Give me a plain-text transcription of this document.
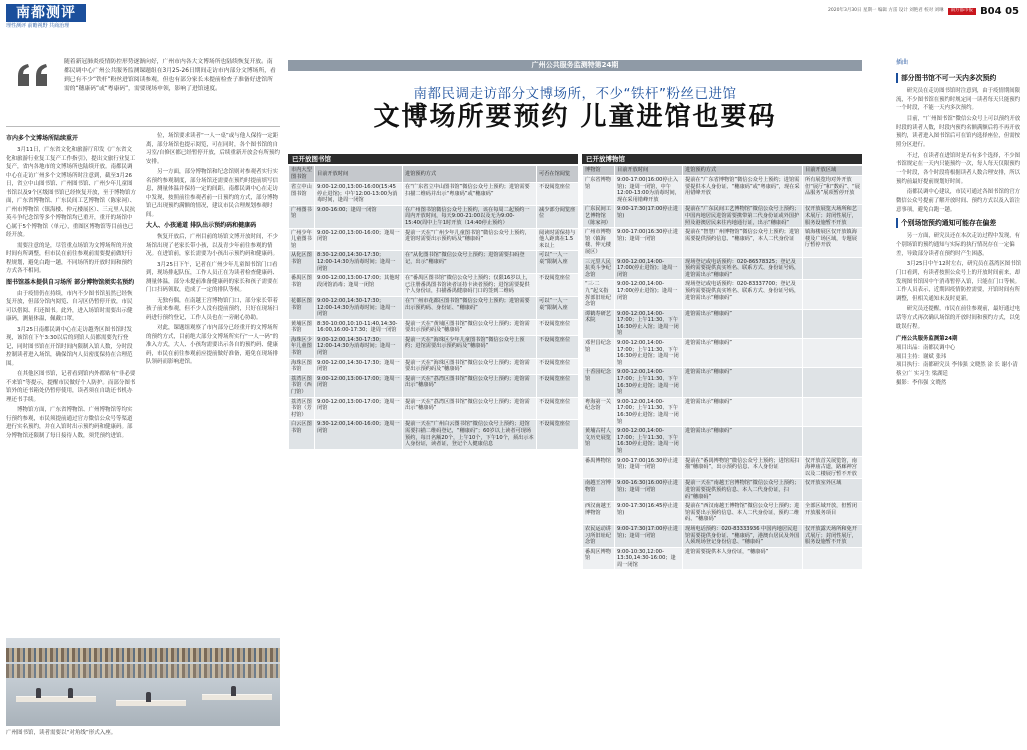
南都测评
理性测评 前瞻视野 共商治理
2020年3月30日 星期一 编辑 方雷 设计 刘艳君 校对 刘琳	南方都市报 B04 05
随着新冠肺炎疫情防控形势逐渐向好，广州市内各大文博场所也陆续恢复开放。南都民调中心广州公共服务监测课题组在3月25-26日期间走访市内部分文博场所，看到已有不少“铁杆”粉丝进馆阅读参观，但也有部分家长未提前检查子准备好进馆所需的“穗康码”或“粤康码”，需要现场申领，影响了进馆速度。
市内多个文博场所陆续重开
3月11日，广东省文化和旅游厅印发《广东省文化和旅游行业复工复产工作指引》，提出文旅行业复工复产，省内各地市的文博场所也陆续开放。南都民调中心在走访广州多个文博场所时注意到，截至3月26日，省立中山图书馆、广州图书馆、广州少年儿童图书馆以及9个区级图书馆已经恢复开放，至于博物馆方面，广东省博物馆、广东民间工艺博物馆（陈家祠）、广州市博物馆（镇海楼、仲元楼展区）、三元里人民抗英斗争纪念馆等多个博物馆均已重开，重开的场馆中心属于5个博物馆（单元），重图区博物馆等目前也已经开放。
需要注意的是，尽管重点场馆为文博场所的开放时间有所调整，但市民在前往参观前需要提前做好行程规划，避免白跑一趟，不同场所的开放时间和预约方式各不相同。
图书馆基本提供自习场所 部分博物馆须实名预约
由于疫情仍在持续，市内不少图书馆虽然已经恢复开放，但部分馆内阅览、自习区仍暂停开放，市民可以借阅、归还图书。此外，进入场馆时需要出示健康码，测量体温，佩戴口罩。
3月25日南都民调中心在走访越秀区图书馆时发现，该馆在下午3:30以后的到馆人员都需要先行登记，同时图书馆在开馆时间内限制入馆人数，分时段控制读者进入场馆，确保馆内人员密度保持在合理范围。
在其他区图书馆，记者看到馆内外都贴有“非必要不来馆”等提示，提醒市民做好个人防护。而部分图书馆外的还书箱处仍暂停使用，读者须在自助还书机办理还书手续。
博物馆方面，广东省博物馆、广州博物馆等均实行预约参观，市民须提前通过官方微信公众号等渠道进行实名预约，并在入馆时出示预约码和健康码。部分博物馆还限制了每日接待人数，须凭预约进馆。
位，场馆要求读者“一人一桌”或与他人保持一定距离，部分场馆也提示阅览，可在同时，各个图书馆的自习室/自修区都已经暂停开放，后续重新开放会有所预约安排。
另一方面，部分博物馆和纪念馆则对参观者实行实名预约参观制度，部分场馆还需要在预约时提前填写信息，测量体温并保持一定的间距。南都民调中心在走访中发现，按照前往参观者前一日预约的方式，部分博物馆已出现预约满额的情况，建议市民合理规划参观时间。
大人、小孩通道 排队出示预约码和健康码
恢复开放后，广州目前的场馆文博开放时间，不少场馆出现了老家长带小孩，以及青少年前往参观的情况。在进馆前，家长需要为小孩出示预约码和健康码。
3月25日下午，记者在广州少年儿童图书馆门口看到，现场排起队伍，工作人员正在为读者检查健康码、测量体温，部分未提前准备健康码的家长和孩子需要在门口扫码领取，造成了一定的排队等候。
无独有偶，在南越王宫博物馆门口，部分家长带着孩子前来参观，但不少人没有提前预约，只好在现场扫码进行预约登记，工作人员也在一旁耐心协助。
对此，课题组观察了市内部分已经重开的文博场所的预约方式，目前绝大部分文博场所实行“一人一码”的准入方式，大人、小孩均需要出示各自的预约码、健康码，市民在前往参观前应提前做好准备，避免在现场排队领码而影响进馆。
广州图书馆，读者需要以“对角线”形式入座。
广州公共服务监测特第24期
南都民调走访部分文博场所，不少“铁杆”粉丝已进馆
文博场所要预约 儿童进馆也要码
已开放图书馆
市内大型图书馆	目前开放时间	进馆预约方式	可否在馆阅览
省立中山图书馆	9:00-12:00,13:00-16:00(15:45停止进馆)；中午12:00-13:00为消毒时间，逢周一闭馆	在“广东省立中山图书馆”微信公众号上预约；进馆需要扫描二维码并出示“粤康码”或“穗康码”	不设阅览座位
广州图书馆	9:00-16:00；逢周一闭馆	在广州图书馆微信公众号上预约，该在每周二起预约一周内开放时间，每天9:00-21:00以及无为9:00-15:40(周中上午1时开放（14:40停止预约）	减少部分阅览座位
广州少年儿童图书馆	9:00-12:00,13:00-16:00；逢周一闭馆	提前一天在“广州少年儿童图书馆”微信公众号上预约，进馆时需要出示预约码及“穗康码”	阅读时需保持与他人距离在1.5米以上
从化区图书馆	8:30-12:00,14:30-17:30；12:00-14:30为消毒时间；逢周一闭馆	在“从化图书馆”微信公众号上预约；进馆需要扫码登记，出示“穗康码”	可以“一人一桌”限制入座
番禺区图书馆	9:00-12:00,13:00-17:00；其他时段闭馆消毒；逢周一闭馆	在“番禺区图书馆”微信公众号上预约；仅限16岁以上，已注册番禺图书馆读者证持卡读者预约；进馆需要提供个人身份证，扫描番禺健康码门口的签到二维码	不设阅览座位
花都区图书馆	9:00-12:00,14:30-17:30；12:00-14:30为消毒时间；逢周一闭馆	在“广州市花都区图书馆”微信公众号上预约；进馆需要出示预约码、身份证、“穗康码”	可以“一人一桌”限制入座
黄埔区图书馆	8:30-10:00,10:10-11:40,14:30-16:00,16:00-17:30；逢周一闭馆	提前一天在“黄埔区图书馆”微信公众号上预约；进馆需要出示预约码及“穗康码”	不设阅览座位
海珠区少年儿童图书馆	9:00-12:00,14:30-17:30；12:00-14:30为消毒时间；逢周一闭馆	提前一天在“海珠区少年儿童图书馆”微信公众号上预约；进馆需要出示预约码及“穗康码”	不设阅览座位
海珠区图书馆	9:00-12:00,14:30-17:30；逢周一闭馆	提前一天在“海珠区图书馆”微信公众号上预约；进馆需要出示预约码及“穗康码”	不设阅览座位
荔湾区图书馆（西门馆）	9:00-12:00,13:00-17:00；逢周一闭馆	提前一天在“荔湾区图书馆”微信公众号上预约；进馆需出示“穗康码”	不设阅览座位
荔湾区图书馆（芳村馆）	9:00-12:00,13:00-17:00；逢周一闭馆	提前一天在“荔湾区图书馆”微信公众号上预约；进馆需出示“穗康码”	不设阅览座位
白云区图书馆	9:30-12:00,14:00-16:00；逢周一闭馆	提前一天在“广州白云图书馆”微信公众号上预约；进馆需要扫描二维码登记，“穗康码”；60岁以上读者可现场预约，每日名额20个，上午10个，下午10个，须出示本人身份证，读者证，登记个人健康信息	不设阅览座位
已开放博物馆
博物馆	目前开放时间	进馆预约方式	目前开放区域
广东省博物馆	9:00-17:00(16:00停止入馆)；逢周一闭馆，中午12:00-13:00为消毒时间，现在采用错峰开放	提前在“广东省博物馆”微信公众号上预约；进馆需要提供本人身份证、“穗康码”或“粤康码”，现在采用错峰开放	所有展览均对外开放但“展厅”和“数码”、“展品服务”展项暂停开放
广东民间工艺博物馆（陈家祠）	9:00-17:30(17:00停止进馆)	提前在“广东民间工艺博物馆”微信公众号上预约；中国内地居民进馆需要携带第二代身份证或外国护照及港澳居民来往内地通行证，出示“穗康码”	仅开放展览大场所和艺术展厅；封闭性展厅，服务设施暂不开放
广州市博物馆（镇海楼、仲元楼展区）	9:00-17:00(16:30停止进馆)；逢周一闭馆	提前在“智慧广州博物馆”微信公众号上预约；进馆需要提供预约信息、“穗康码”，本人二代身份证	镇海楼展区仅开放镇海楼及广场区域，专题展厅暂停开放
三元里人民抗英斗争纪念馆	9:00-12:00,14:00-17:00(停止进馆)；逢周一闭馆	现场登记或电话预约：020-86578325；登记及预约需要提供真实姓名、联系方式、身份证号码，进馆需出示“穗康码”	
“三·二九”起义指挥部旧址纪念馆	9:00-12:00,14:00-17:00(停止进馆)；逢周一闭馆	现场登记或电话预约：020-83337700；登记及预约需要提供真实姓名、联系方式、身份证号码，进馆需出示“穗康码”	
谭鹤寿研艺术院	9:00-12:00,14:00-17:00；上午11:30、下午16:30停止入馆；逢周一闭馆	进馆需出示“穗康码”	
邓世昌纪念馆	9:00-12:00,14:00-17:00；上午11:30、下午16:30停止进馆；逢周一闭馆	进馆需出示“穗康码”	
十香园纪念馆	9:00-12:00,14:00-17:00；上午11:30、下午16:30停止进馆；逢周一闭馆	进馆需出示“穗康码”	
粤海第一关纪念馆	9:00-12:00,14:00-17:00；上午11:30、下午16:30停止进馆；逢周一闭馆	进馆需出示“穗康码”	
黄埔古村人文历史展览馆	9:00-12:00,14:00-17:00；上午11:30、下午16:30停止进馆；逢周一闭馆	进馆需出示“穗康码”	
番禺博物馆	9:00-17:00(16:30停止进馆)；逢周一闭馆	提前在“番禺博物馆”微信公众号上预约；进馆需扫描“穗康码”，出示预约信息、本人身份证	仅开放首关展览馆，南海神庙古道，路廊神宫以及二楼展厅暂不开放
南越王宫博物馆	9:00-16:30(16:00停止进馆)；逢周一闭馆	提前一天在“南越王宫博物馆”微信公众号上预约；进馆需要提供预约信息、本人二代身份证，扫码“穗康码”	仅开放室外区域
西汉南越王博物馆	9:00-17:30(16:45停止进馆)	提前在“西汉南越王博物馆”微信公众号上预约；进馆需要出示预约信息、本人二代身份证，预约二维码、“穗康码”	全部区域开放，但暂闭开放服务项目
农民运动讲习所旧址纪念馆	9:00-17:30(17:00停止进馆)；逢周一闭馆	现场电话预约：020-83333936 中国内地居民进馆需要提供身份证、“穗康码”，港澳台居民及外国人须现场登记身份信息、“穗康码”	仅开放露天场所和免开式展厅；封闭性展厅，服务设施暂不开放
番禺区博物馆	9:00-10:30,12:00-13:30,14:30-16:00；逢周一闭馆	进馆需要提供本人身份证，“穗康码”	
插曲
部分图书馆不可一天内多次预约
研究员在走访图书馆时注意到，由于疫情期间限流，不少图书馆在预约时规定同一读者每天只能预约一个时段，不能一天内多次预约。
目前，“广州图书馆”微信公众号上可以预约开放时段的读者人数，时段内预约名额满额后将不再开放预约，读者进入图书馆后可在馆内选择座位，但需按照分区进行。
不过，在读者在进馆时是否有多个选择，不少图书馆规定在一天内只能预约一次，每人每天仅限预约一个时段，各个时段将根据读者人数合理安排，所以预约前最好提前规划好时间。
南都民调中心建议，市民可通过各图书馆的官方微信公众号提前了解开放时间、预约方式以及入馆注意事项，避免白跑一趟。
个别场馆预约通知可能存在偏差
另一方面，研究员还在本次走访过程中发现，有个别场馆的预约通知与实际的执行情况存在一定偏差，导致部分读者在预约时产生困惑。
3月25日中午12时左右，研究员在荔湾区图书馆门口看到，有读者按照公众号上的开放时间前来，却发现图书馆因中午消毒暂停入馆，只能在门口等候。工作人员表示，近期因疫情防控需要，开馆时间有所调整，但相关通知未及时更新。
研究员还提醒，市民在前往参观前，最好通过电话等方式再次确认场馆的开放时间和预约方式，以免耽误行程。
广州公共服务监测第24期
项目出品：南都民调中心
项目主持：谢斌 张玮
项目执行：南都研究员 李伟强 文晓然 涂 长 谢小清 蔡立广 实习生 梁湖廷
摄影：李伟强 文晓然
